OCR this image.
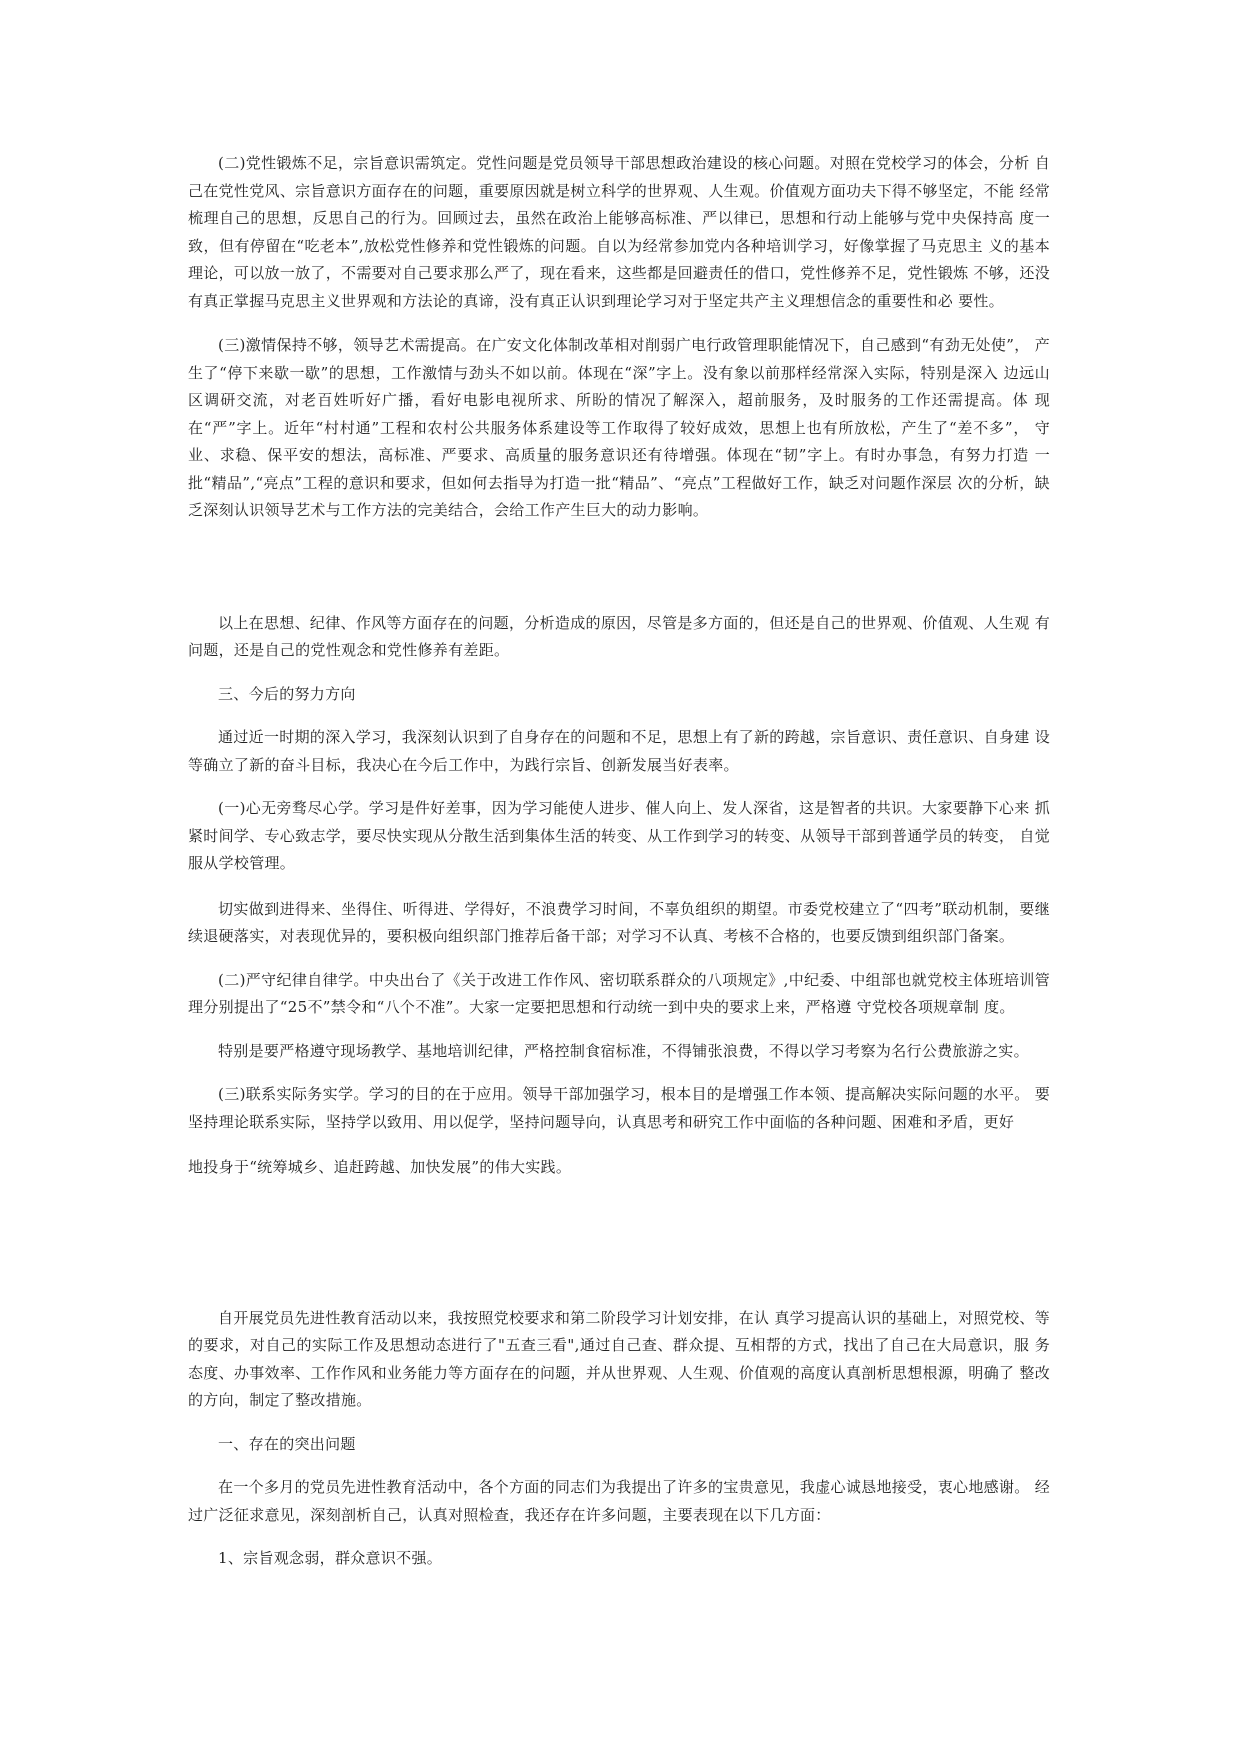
(二)党性锻炼不足，宗旨意识需筑定。党性问题是党员领导干部思想政治建设的核心问题。对照在党校学习的体会，分析 自己在党性党风、宗旨意识方面存在的问题，重要原因就是树立科学的世界观、人生观。价值观方面功夫下得不够坚定，不能 经常梳理自己的思想，反思自己的行为。回顾过去，虽然在政治上能够高标准、严以律已，思想和行动上能够与党中央保持高 度一致，但有停留在“吃老本”,放松党性修养和党性锻炼的问题。自以为经常参加党内各种培训学习，好像掌握了马克思主 义的基本理论，可以放一放了，不需要对自己要求那么严了，现在看来，这些都是回避责任的借口，党性修养不足，党性锻炼 不够，还没有真正掌握马克思主义世界观和方法论的真谛，没有真正认识到理论学习对于坚定共产主义理想信念的重要性和必 要性。

(三)激情保持不够，领导艺术需提高。在广安文化体制改革相对削弱广电行政管理职能情况下，自己感到“有劲无处使”， 产生了“停下来歇一歇”的思想，工作激情与劲头不如以前。体现在“深”字上。没有象以前那样经常深入实际，特别是深入 边远山区调研交流，对老百姓听好广播，看好电影电视所求、所盼的情况了解深入，超前服务，及时服务的工作还需提高。体 现在“严”字上。近年“村村通”工程和农村公共服务体系建设等工作取得了较好成效，思想上也有所放松，产生了“差不多”， 守业、求稳、保平安的想法，高标准、严要求、高质量的服务意识还有待增强。体现在“韧”字上。有时办事急，有努力打造 一批“精品”,“亮点”工程的意识和要求，但如何去指导为打造一批“精品”、“亮点”工程做好工作，缺乏对问题作深层 次的分析，缺乏深刻认识领导艺术与工作方法的完美结合，会给工作产生巨大的动力影响。

以上在思想、纪律、作风等方面存在的问题，分析造成的原因，尽管是多方面的，但还是自己的世界观、价值观、人生观 有问题，还是自己的党性观念和党性修养有差距。

三、今后的努力方向

通过近一时期的深入学习，我深刻认识到了自身存在的问题和不足，思想上有了新的跨越，宗旨意识、责任意识、自身建 设等确立了新的奋斗目标，我决心在今后工作中，为践行宗旨、创新发展当好表率。

(一)心无旁骛尽心学。学习是件好差事，因为学习能使人进步、催人向上、发人深省，这是智者的共识。大家要静下心来 抓紧时间学、专心致志学，要尽快实现从分散生活到集体生活的转变、从工作到学习的转变、从领导干部到普通学员的转变， 自觉服从学校管理。

切实做到进得来、坐得住、听得进、学得好，不浪费学习时间，不辜负组织的期望。市委党校建立了“四考”联动机制，要继续退硬落实，对表现优异的，要积极向组织部门推荐后备干部；对学习不认真、考核不合格的，也要反馈到组织部门备案。

(二)严守纪律自律学。中央出台了《关于改进工作作风、密切联系群众的八项规定》,中纪委、中组部也就党校主体班培训管理分别提出了“25不”禁令和“八个不准”。大家一定要把思想和行动统一到中央的要求上来，严格遵 守党校各项规章制 度。

特别是要严格遵守现场教学、基地培训纪律，严格控制食宿标准，不得铺张浪费，不得以学习考察为名行公费旅游之实。

(三)联系实际务实学。学习的目的在于应用。领导干部加强学习，根本目的是增强工作本领、提高解决实际问题的水平。 要坚持理论联系实际，坚持学以致用、用以促学，坚持问题导向，认真思考和研究工作中面临的各种问题、困难和矛盾，更好

地投身于“统筹城乡、追赶跨越、加快发展”的伟大实践。

自开展党员先进性教育活动以来，我按照党校要求和第二阶段学习计划安排，在认 真学习提高认识的基础上，对照党校、等 的要求，对自己的实际工作及思想动态进行了"五查三看",通过自己查、群众提、互相帮的方式，找出了自己在大局意识，服 务态度、办事效率、工作作风和业务能力等方面存在的问题，并从世界观、人生观、价值观的高度认真剖析思想根源，明确了 整改的方向，制定了整改措施。

一、存在的突出问题

在一个多月的党员先进性教育活动中，各个方面的同志们为我提出了许多的宝贵意见，我虚心诚恳地接受，衷心地感谢。 经过广泛征求意见，深刻剖析自己，认真对照检查，我还存在许多问题，主要表现在以下几方面：

1、宗旨观念弱，群众意识不强。
